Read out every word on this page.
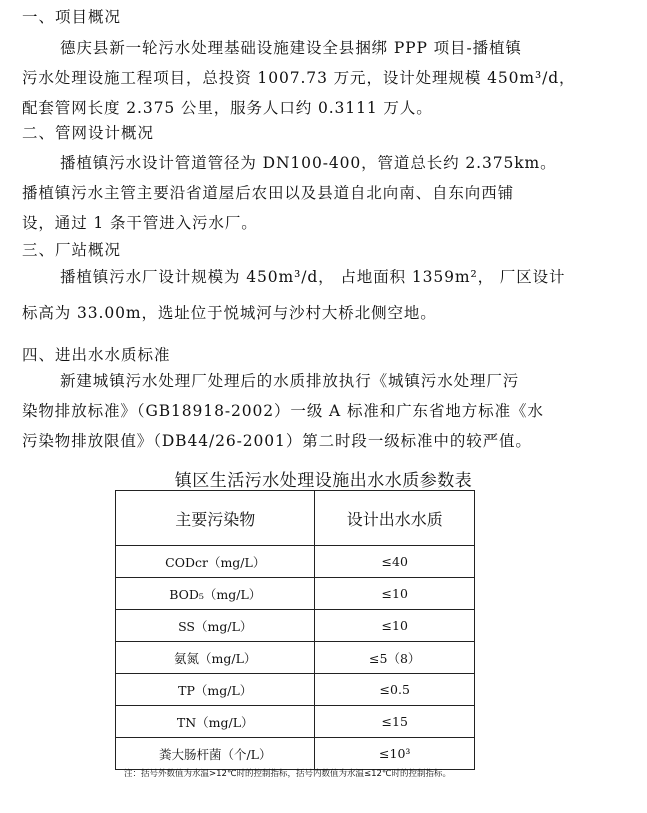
一、项目概况
德庆县新一轮污水处理基础设施建设全县捆绑 PPP 项目-播植镇
污水处理设施工程项目，总投资 1007.73 万元，设计处理规模 450m³/d，
配套管网长度 2.375 公里，服务人口约 0.3111 万人。
二、管网设计概况
播植镇污水设计管道管径为 DN100-400，管道总长约 2.375km。
播植镇污水主管主要沿省道屋后农田以及县道自北向南、自东向西铺
设，通过 1 条干管进入污水厂。
三、厂站概况
播植镇污水厂设计规模为 450m³/d， 占地面积 1359m²， 厂区设计
标高为 33.00m，选址位于悦城河与沙村大桥北侧空地。
四、进出水水质标准
新建城镇污水处理厂处理后的水质排放执行《城镇污水处理厂污
染物排放标准》（GB18918-2002）一级 A 标准和广东省地方标准《水
污染物排放限值》（DB44/26-2001）第二时段一级标准中的较严值。
镇区生活污水处理设施出水水质参数表
主要污染物	设计出水水质
CODcr（mg/L）	≤40
BOD₅（mg/L）	≤10
SS（mg/L）	≤10
氨氮（mg/L）	≤5（8）
TP（mg/L）	≤0.5
TN（mg/L）	≤15
粪大肠杆菌（个/L）	≤10³
注：括号外数值为水温>12℃时的控制指标，括号内数值为水温≤12℃时的控制指标。
